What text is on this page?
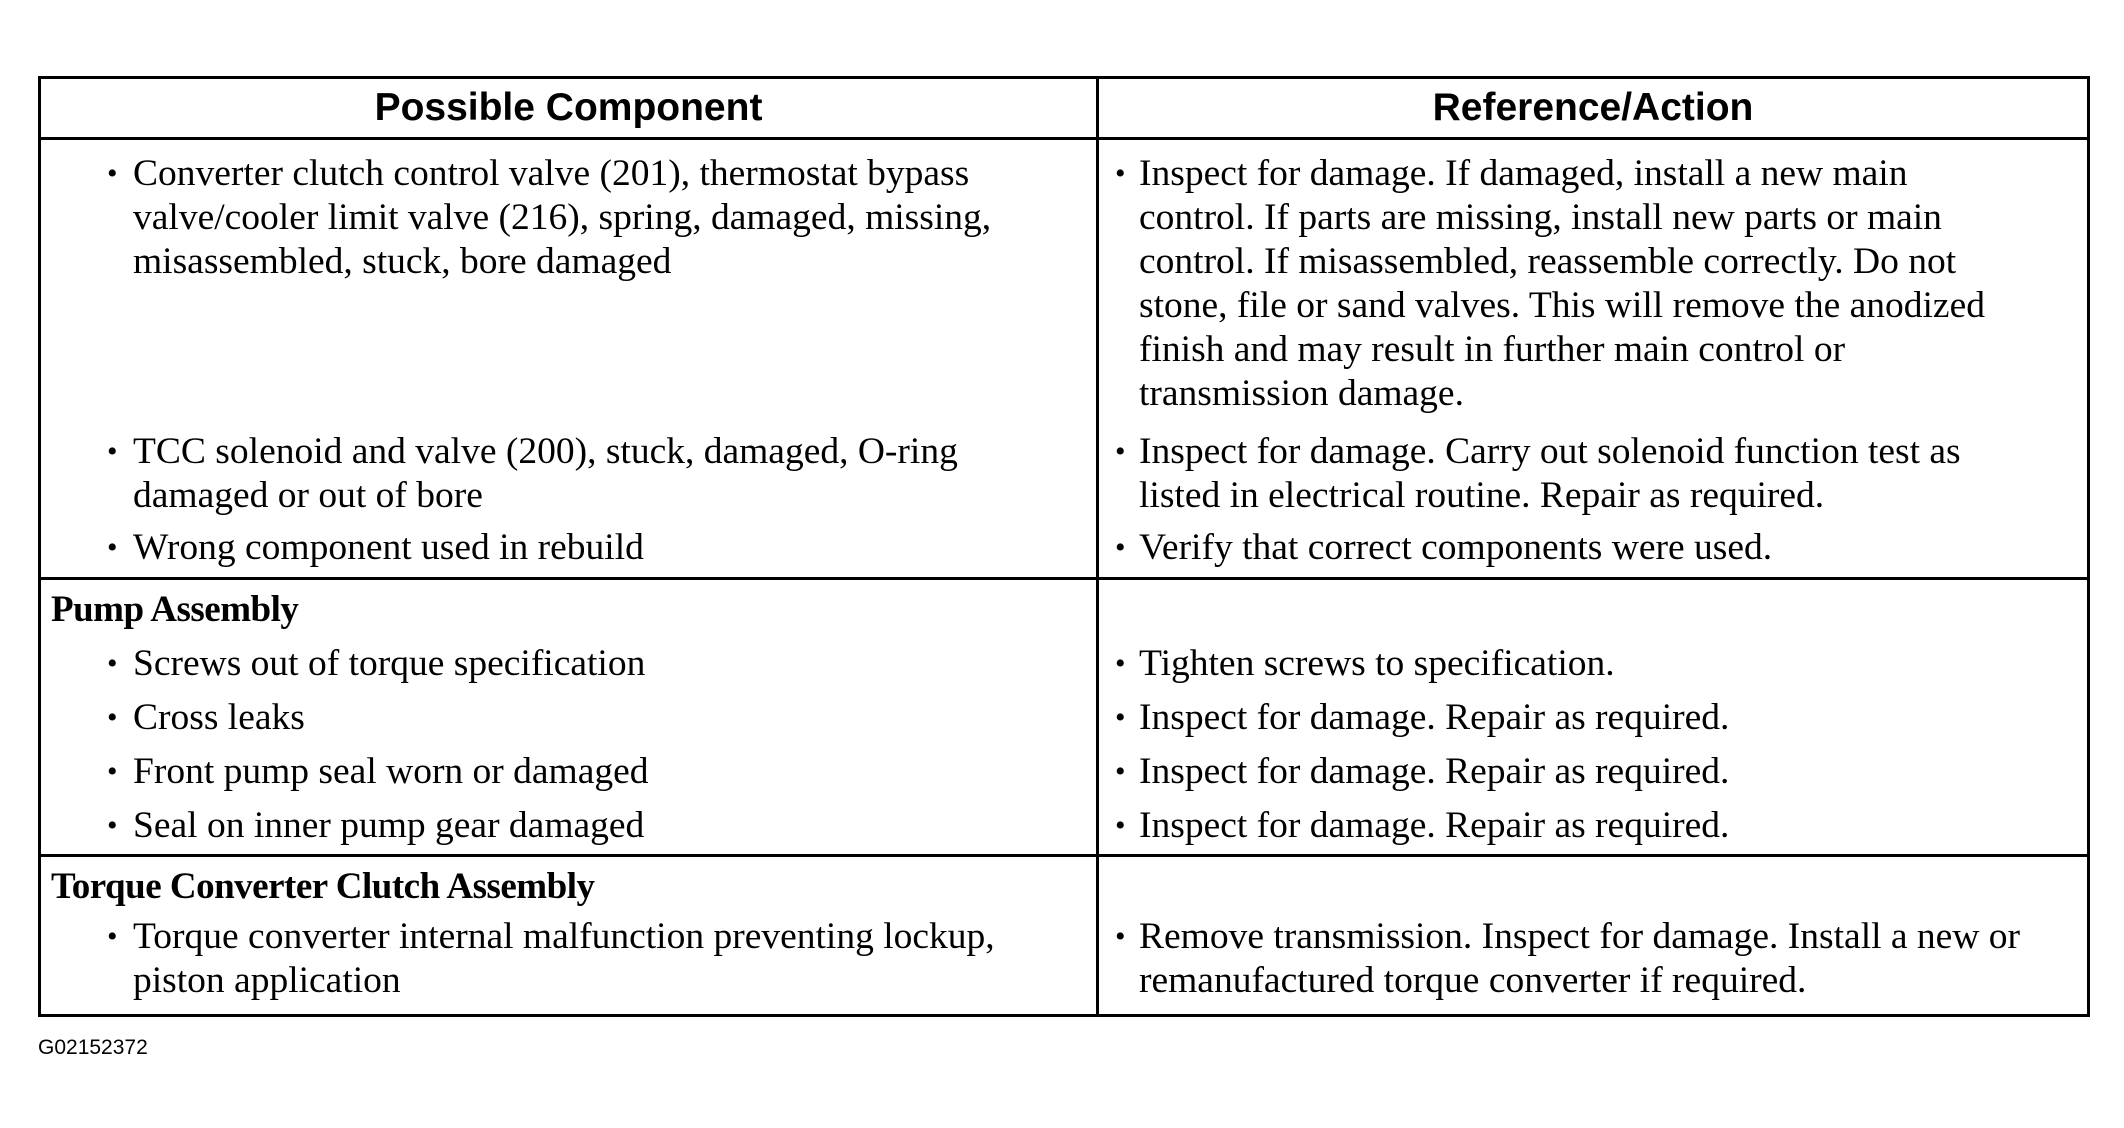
Possible Component	Reference/Action
• Converter clutch control valve (201), thermostat bypass
valve/cooler limit valve (216), spring, damaged, missing,
misassembled, stuck, bore damaged
• TCC solenoid and valve (200), stuck, damaged, O-ring
damaged or out of bore
• Wrong component used in rebuild
• Inspect for damage. If damaged, install a new main
control. If parts are missing, install new parts or main
control. If misassembled, reassemble correctly. Do not
stone, file or sand valves. This will remove the anodized
finish and may result in further main control or
transmission damage.
• Inspect for damage. Carry out solenoid function test as
listed in electrical routine. Repair as required.
• Verify that correct components were used.
Pump Assembly
• Screws out of torque specification
• Cross leaks
• Front pump seal worn or damaged
• Seal on inner pump gear damaged
• Tighten screws to specification.
• Inspect for damage. Repair as required.
• Inspect for damage. Repair as required.
• Inspect for damage. Repair as required.
Torque Converter Clutch Assembly
• Torque converter internal malfunction preventing lockup,
piston application
• Remove transmission. Inspect for damage. Install a new or
remanufactured torque converter if required.
G02152372
